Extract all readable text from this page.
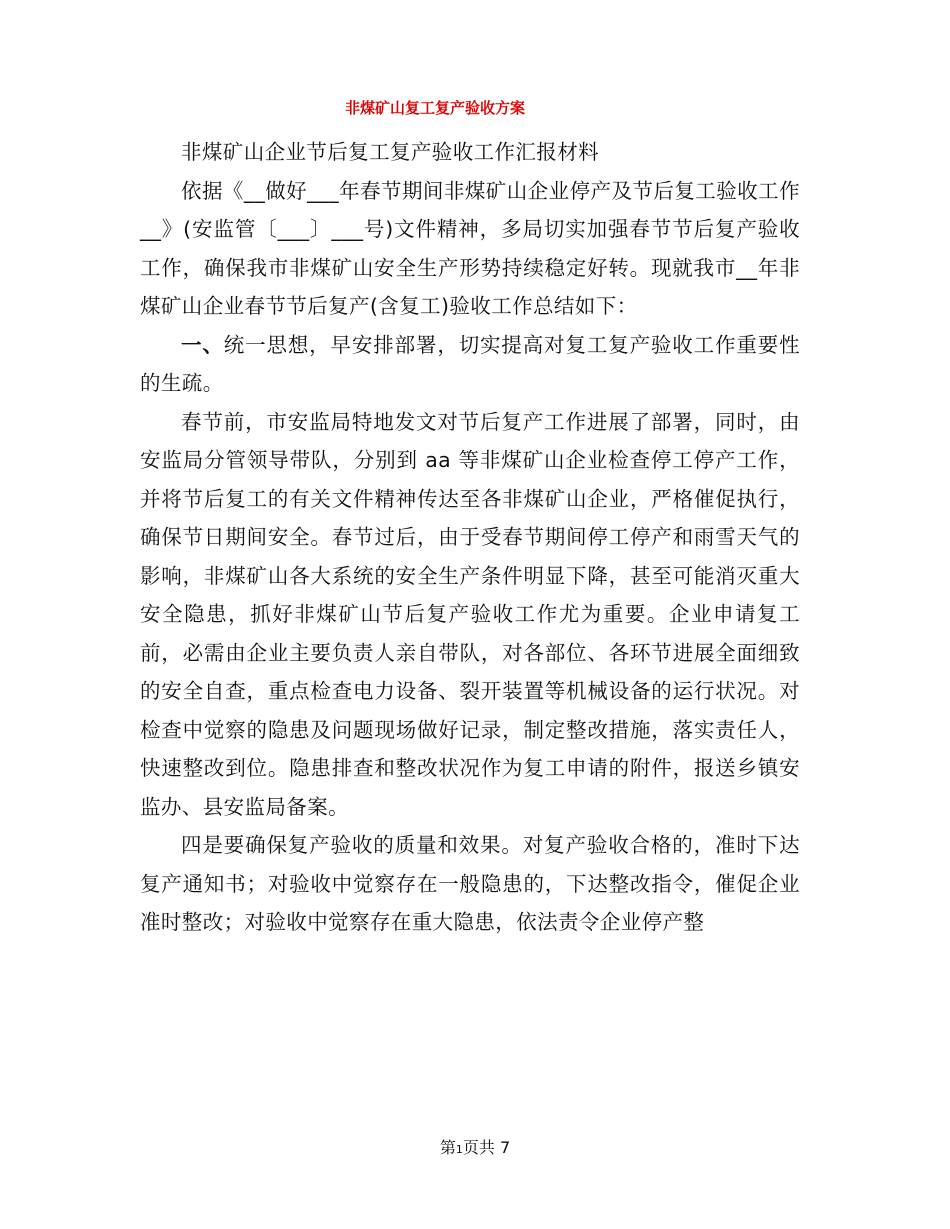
非煤矿山复工复产验收方案

非煤矿山企业节后复工复产验收工作汇报材料

依据《__做好___年春节期间非煤矿山企业停产及节后复工验收工作__》(安监管〔___〕___号)文件精神，多局切实加强春节节后复产验收工作，确保我市非煤矿山安全生产形势持续稳定好转。现就我市__年非煤矿山企业春节节后复产(含复工)验收工作总结如下：

一、统一思想，早安排部署，切实提高对复工复产验收工作重要性的生疏。

春节前，市安监局特地发文对节后复产工作进展了部署，同时，由安监局分管领导带队，分别到 aa 等非煤矿山企业检查停工停产工作，并将节后复工的有关文件精神传达至各非煤矿山企业，严格催促执行，确保节日期间安全。春节过后，由于受春节期间停工停产和雨雪天气的影响，非煤矿山各大系统的安全生产条件明显下降，甚至可能消灭重大安全隐患，抓好非煤矿山节后复产验收工作尤为重要。企业申请复工前，必需由企业主要负责人亲自带队，对各部位、各环节进展全面细致的安全自查，重点检查电力设备、裂开装置等机械设备的运行状况。对检查中觉察的隐患及问题现场做好记录，制定整改措施，落实责任人，快速整改到位。隐患排查和整改状况作为复工申请的附件，报送乡镇安监办、县安监局备案。

四是要确保复产验收的质量和效果。对复产验收合格的，准时下达复产通知书；对验收中觉察存在一般隐患的，下达整改指令，催促企业准时整改；对验收中觉察存在重大隐患，依法责令企业停产整

第1页共 7
